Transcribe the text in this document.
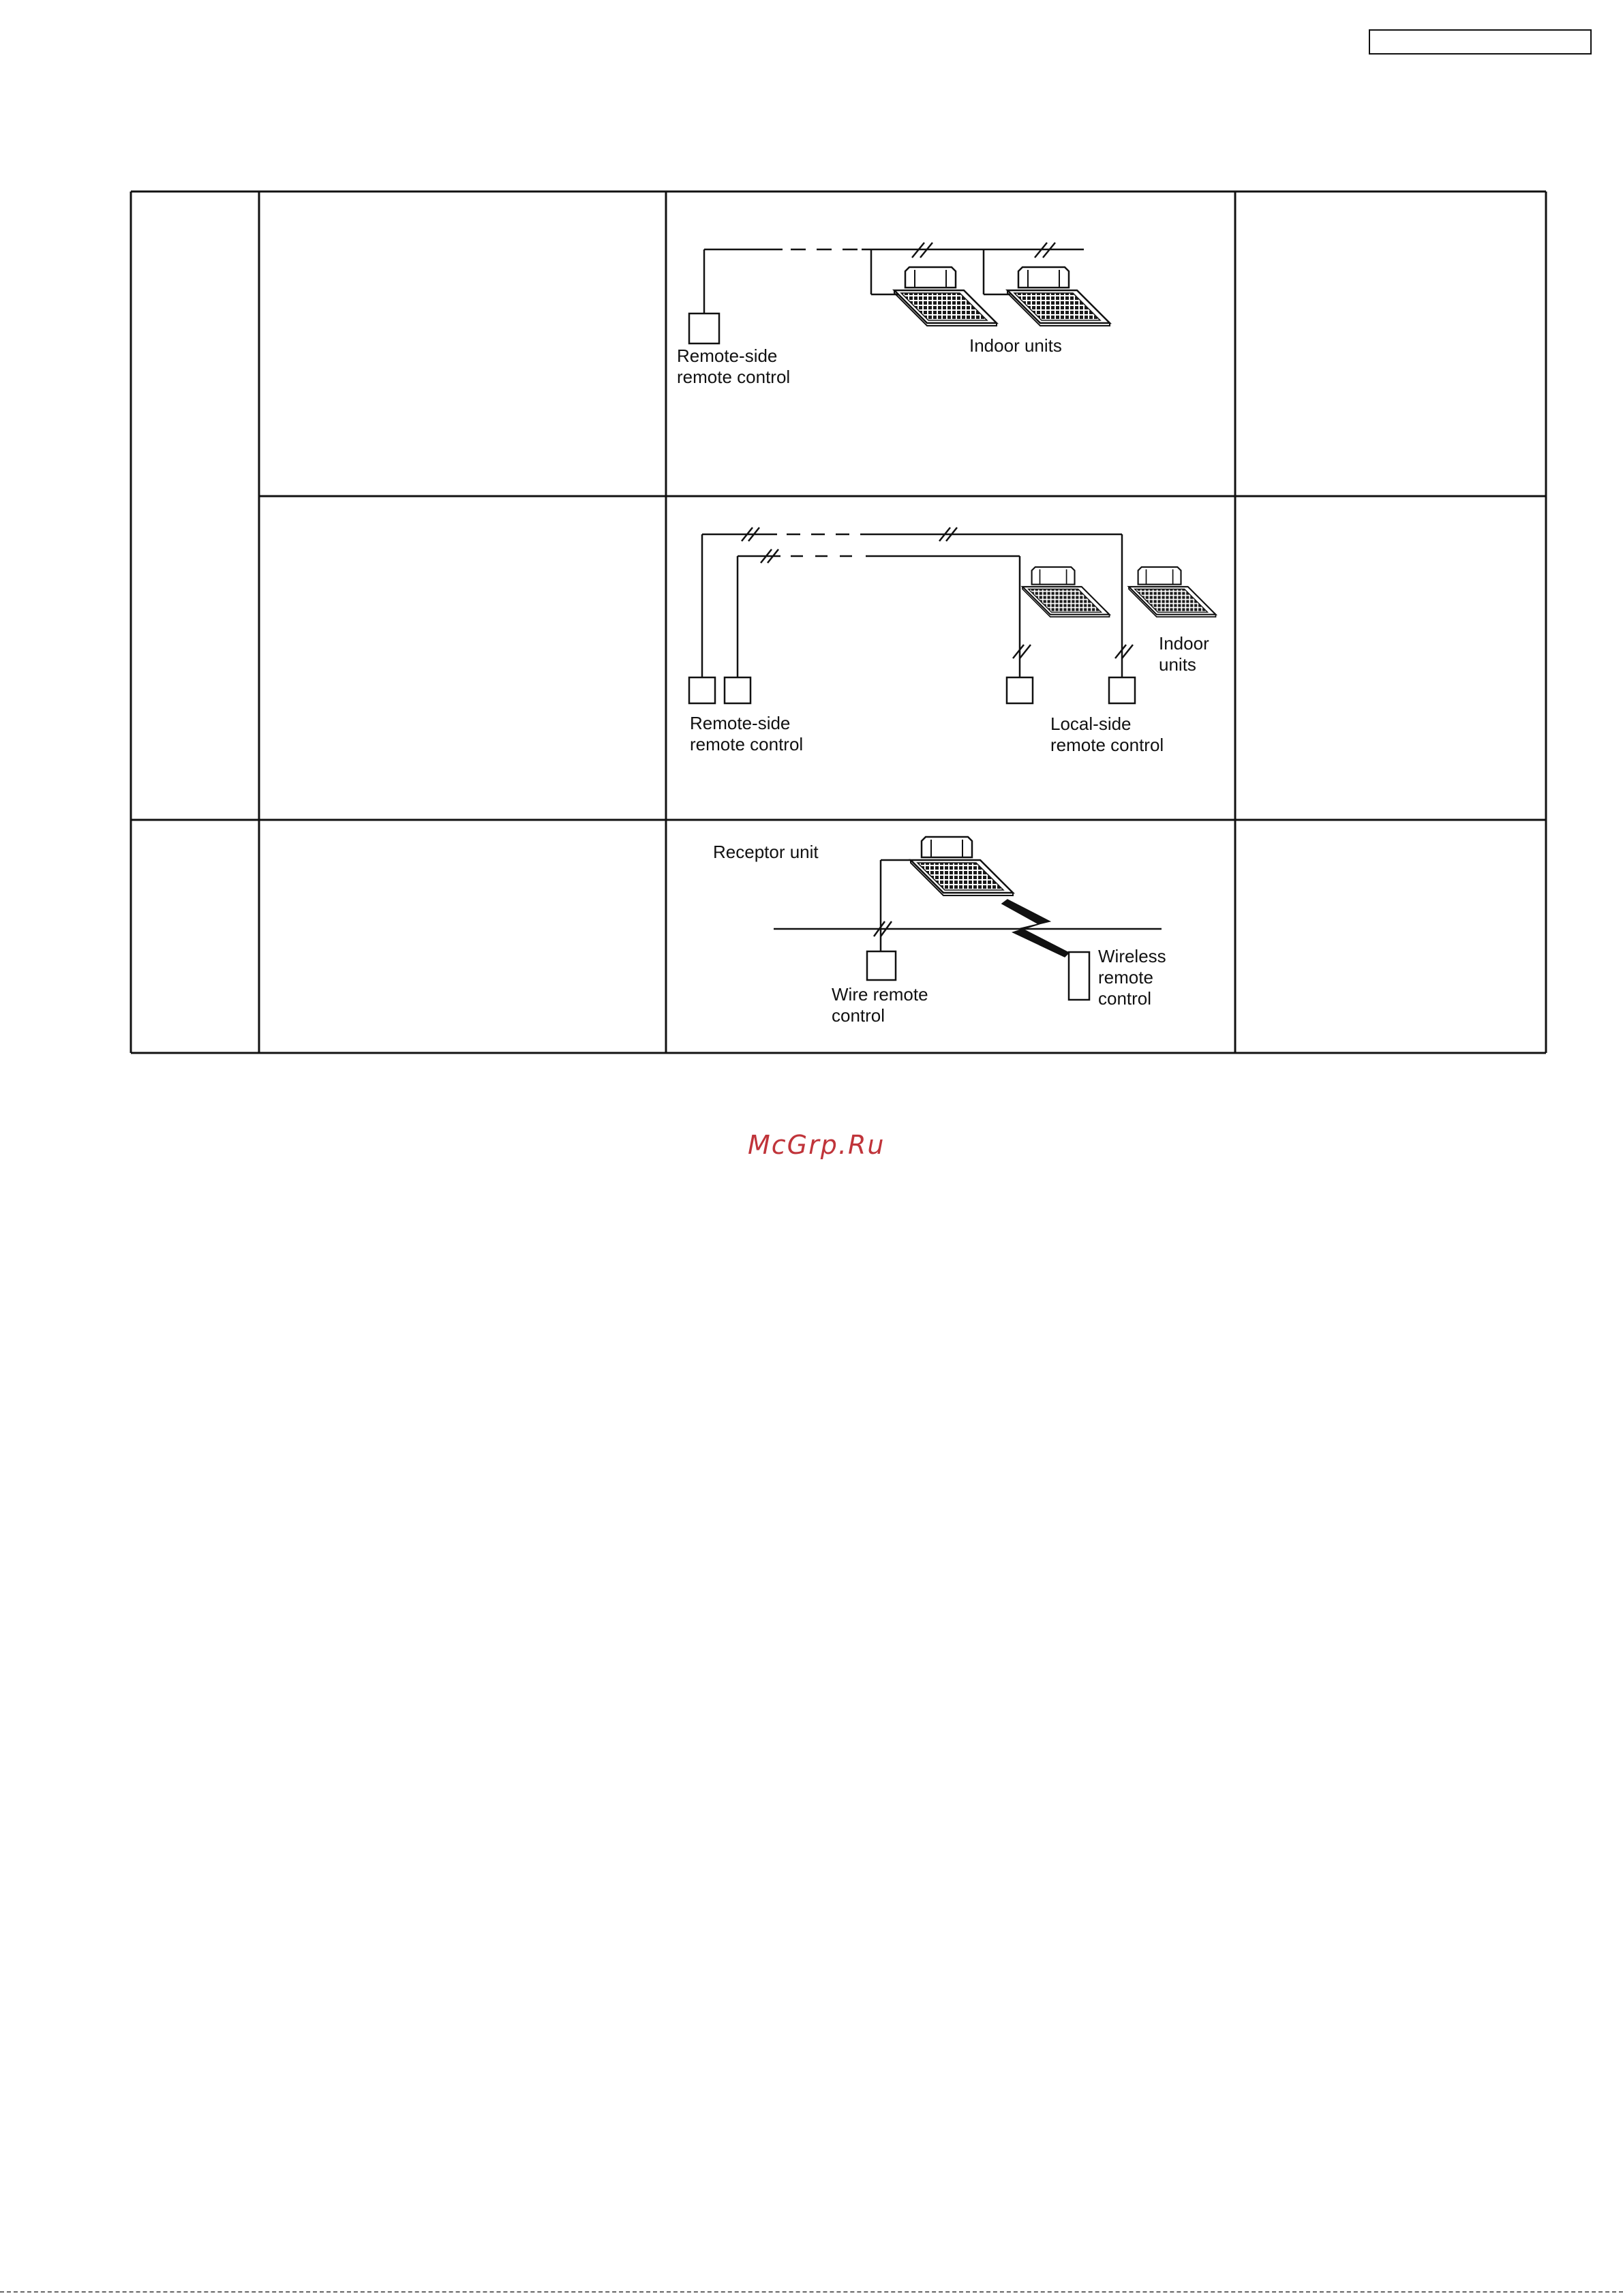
Remote-side
remote control
Indoor units
Remote-side
remote control
Local-side
remote control
Indoor
units
Receptor unit
Wire remote
control
Wireless
remote
control
McGrp.Ru
